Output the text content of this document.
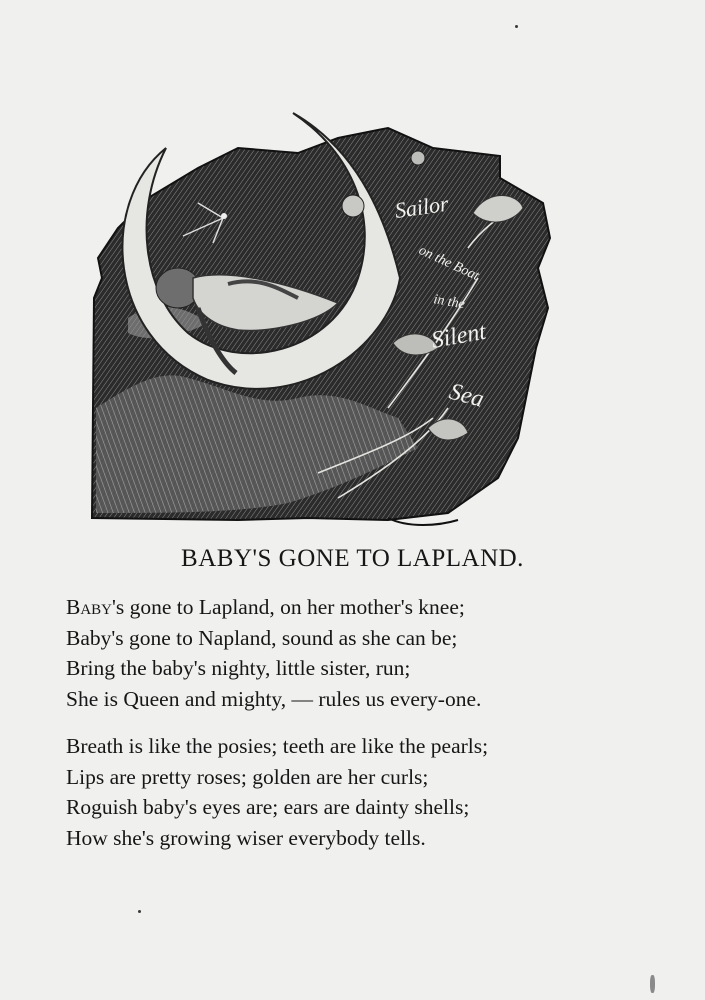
Sailor
on the Boat
in the
Silent
Sea
BABY'S GONE TO LAPLAND.
Baby's gone to Lapland, on her mother's knee;
Baby's gone to Napland, sound as she can be;
Bring the baby's nighty, little sister, run;
She is Queen and mighty, — rules us every-one.
Breath is like the posies; teeth are like the pearls;
Lips are pretty roses; golden are her curls;
Roguish baby's eyes are; ears are dainty shells;
How she's growing wiser everybody tells.
